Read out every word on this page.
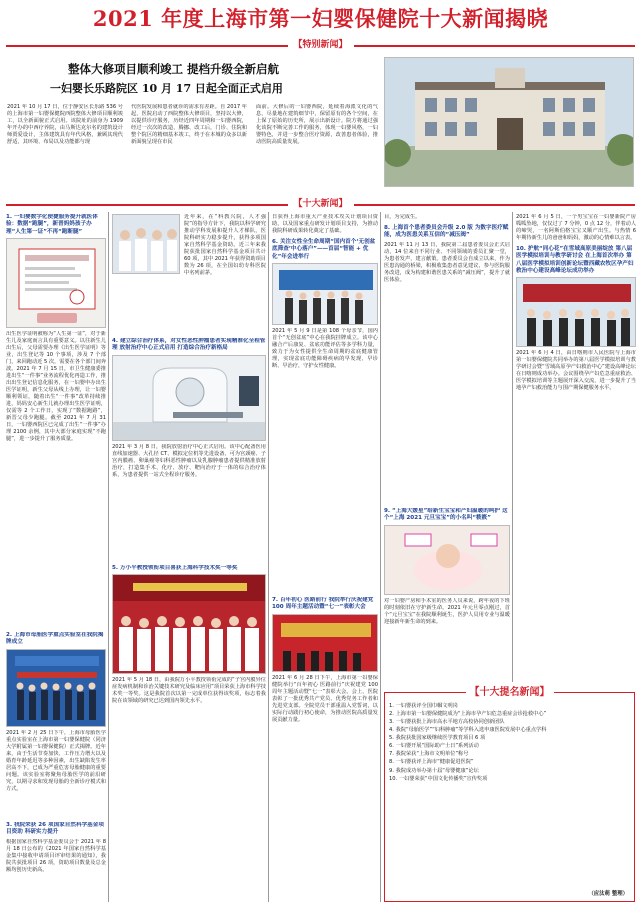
2021 年度上海市第一妇婴保健院十大新闻揭晓
【特别新闻】
整体大修项目顺利竣工 提档升级全新启航
一妇婴长乐路院区 10 月 17 日起全面正式启用
2021 年 10 月 17 日，位于静安区长乐路 536 号的上海市第一妇婴保健院西院整体大修项目顺利竣工，以全新面貌正式启用。该院址的前身为 1909 年开办的中西疗养院，由马斯达克尔名的建筑设计师贾爱设计，主体建筑具有年代风格，兼顾其现代舒适，其环境、布局以及功能都与现
代医院发展和患者就诊的需求有差距。自 2017 年起，医院启动了西院整体大修项目，坚持以大修，以提供诊疗服务，历经近四年周期和一妇婴西院，经过一次次的改造，腾挪、改工后，门诊、住院和整个院区的精细基本竣工，终于在本城的众多以新新面貌呈现在市民
面前。大修后的一妇婴西院，延续着海派文化的气息，尽量地在建筑细节中，保留原有的各个空间，在上保了原始的历史所，展示出新设计。院方将通过强化该院不断完善工作的服务，体现一妇婴风格，一妇婴特色，并进一步整合医疗资源，改善患者体验，推动医院高质量发展。
【十大新闻】
1. 一妇婴数字化便捷服务提升就医体验：数据“跑腿”，新晋妈妈孩子办理“人生第一证”不再“跑断腿”
出生医学证明被称为“人生第一证”，对于新生儿及家庭而言具有重要意义。以往新生儿出生后，父母需要办理《出生医学证明》等业，出生登记等 10 个事项，涉及 7 个部门，来回跑动近 5 次，需要在各个部门间奔波。2021 年 7 月 15 日，市卫生健康委推进出生“一件事”业务流程优化再造工作，推出出生登记信息化服务，在一妇婴申办出生医学证明，新生父母从线上办理，让一妇婴顺利领证，随着出生“一件事”改革持续推进，妈妈安心新生儿就办理出生医学证明，仅需等 2 个工作日，实现了“数据跑路”，新晋父母少跑腿。截至 2021 年 7 月 31 日，一妇婴西院区已完成了出生“一件事”办理 2100 余例，其中大部分家庭实现“不跑腿”，进一步提升了服务质量。
2. 上海市母胎医学重点实验室在我院揭牌成立
2021 年 2 月 25 日下午，上海市母胎医学重点实验室在上海市第一妇婴保健院（同济大学附属第一妇婴保健院）正式揭牌。近年来，由于生活节奏加快、工作压力增大以及婚育年龄延迟等多种因素，出生缺陷发生率居高不下，已成为严重危害母胎健康的重要问题。该实验室将聚焦母胎医学的前沿研究，以期寻求和发现母胎的全新诊疗模式和方式。
3. 我院荣获 26 项国家自然科学基金项目资助 科研实力提升
根据国家自然科学基金委员会于 2021 年 8 月 18 日公布的《2021 年国家自然科学基金集中接收申请项目评审结果的通知》，我院共获批项目 26 项，资助项目数量及总金额均创历史新高。
近年来，在“科教兴院，人才强院”的指导方针下，我院以科学研究推动学科发展和提升人才梯队，医院科研实力稳步提升，获得多项国家自然科学基金资助。近三年来我院获批国家自然科学基金项目共计 60 项，其中 2021 年获得资助项目数为 26 项，在全国妇幼专科医院中名列前茅。
4. 建立综合治疗体系，对女性恶性肿瘤患者实现精准化全程管理 放射治疗中心正式启用 打造综合治疗新格局
2021 年 3 月 8 日，我院放射治疗中心正式启用。该中心配备医用直线加速器、大孔径 CT、模拟定位机等先进设备，可为宫颈癌、子宫内膜癌、卵巢癌等妇科恶性肿瘤以及乳腺肿瘤患者提供精准放射治疗，打造集手术、化疗、放疗、靶向治疗于一体的综合治疗体系，为患者提供一站式全程诊疗服务。
5. 万小平教授领衔项目喜获上海科学技术奖一等奖
2021 年 5 月 18 日，由我院万小平教授领衔完成的“子宫内膜异位症发病机制和诊治关键技术研究及临床应用”项目荣获上海市科学技术奖一等奖。这是我院首次以第一完成单位获得该奖项，标志着我院在该领域的研究已达到国内领先水平。
日获得上海市重大产业技术攻关计划项目资助，以及国家重点研发计划项目支持，为推动我院科研成果转化奠定了基础。
6. 关注女性全生命周期“国内首个‘无创盆底筛查’中心落户”——首届“智能 + 优化”年会进举行
2021 年 5 月 9 日是第 108 个母亲节，国内首个“无创盆底”中心在我院挂牌成立。该中心融合产后康复、盆底功能评估等多学科力量，致力于为女性提供全生命周期的盆底健康管理，实现盆底功能障碍疾病的早发现、早诊断、早治疗，守护女性健康。
7. 百年初心 医路前行 我院举行庆祝建党 100 周年主题活动暨“七一”表彰大会
2021 年 6 月 28 日下午，上海市第一妇婴保健院举行“百年初心 医路前行”庆祝建党 100 周年主题活动暨“七一”表彰大会。会上，医院表彰了一批优秀共产党员、优秀党务工作者和先进党支部。全院党员干部重温入党誓词，以实际行动践行初心使命，为推动医院高质量发展贡献力量。
目，为完成生。
8. 上海首个患者委员会升级 2.0 版 为数字医疗赋能，成为医患关系互信的“减压阀”
2021 年 11 月 13 日，我院第二届患者委员会正式启动，14 位来自不同行业、不同领域的委员汇聚一堂，为患者发声，建言献策。患者委员会自成立以来，作为医患沟通的桥梁，积极收集患者意见建议，参与医院服务改进，成为构建和谐医患关系的“减压阀”，提升了就医体验。
9. “上海大媛星”给新生宝宝和产妇温暖的呵护 这个“上海 2021 元旦宝宝”的小名叫“筱筱”
对一妇婴产房和手术室的医务人员来说，跨年夜的下班的时刻依旧在守护新生命。2021 年元旦零点刚过，首个“元旦宝宝”在我院顺利诞生，医护人员用专业与温暖迎接新年新生命的到来。
2021 年 6 月 5 日，一个男宝宝在一妇婴新院产房呱呱坠地，仅仅过了 7 分钟，0 点 12 分，伴着动人的啼哭，一名阿斯伯格宝宝又顺产出生。与热情 6 年期待新生儿的爸爸和妈妈，激动的心情难以言表。
10. 护航“同心花”在雪域高原美丽绽放 第八届医学模拟培训与教学研讨会 在上海首次举办 第八届医学模拟培训创新论坛暨西藏农牧区孕产妇救治中心建设高峰论坛成功举办
2021 年 6 月 4 日，由日喀则市人民医院与上海市第一妇婴保健院共同举办的第八届医学模拟培训与教学研讨会暨“雪域高原孕产妇救治中心”建设高峰论坛在日喀则成功举办。会议围绕孕产妇危急重症救治、医学模拟培训等主题展开深入交流，进一步提升了当地孕产妇救治能力与围产期保健服务水平。
【十大提名新闻】
1. 一妇婴获评全国巾帼文明岗
2. 上海市第一妇婴保健院成为“上海市孕产妇危急重症会诊抢救中心”
3. 一妇婴获批上海市高水平地方高校协同创新团队
4. 我院“母胎医学”“妇科肿瘤”等学科入选申康医院发展中心重点学科
5. 我院获批国家级继续医学教育项目 6 项
6. 一妇婴开展“国际助产士日”系列活动
7. 我院荣获“上海市文明单位”称号
8. 一妇婴获评上海市“健康促进医院”
9. 我院成功举办第十届“母婴健康”论坛
10. 一妇婴荣获“中国文化传播奖”宣传奖项
（应汰萌 整理）
